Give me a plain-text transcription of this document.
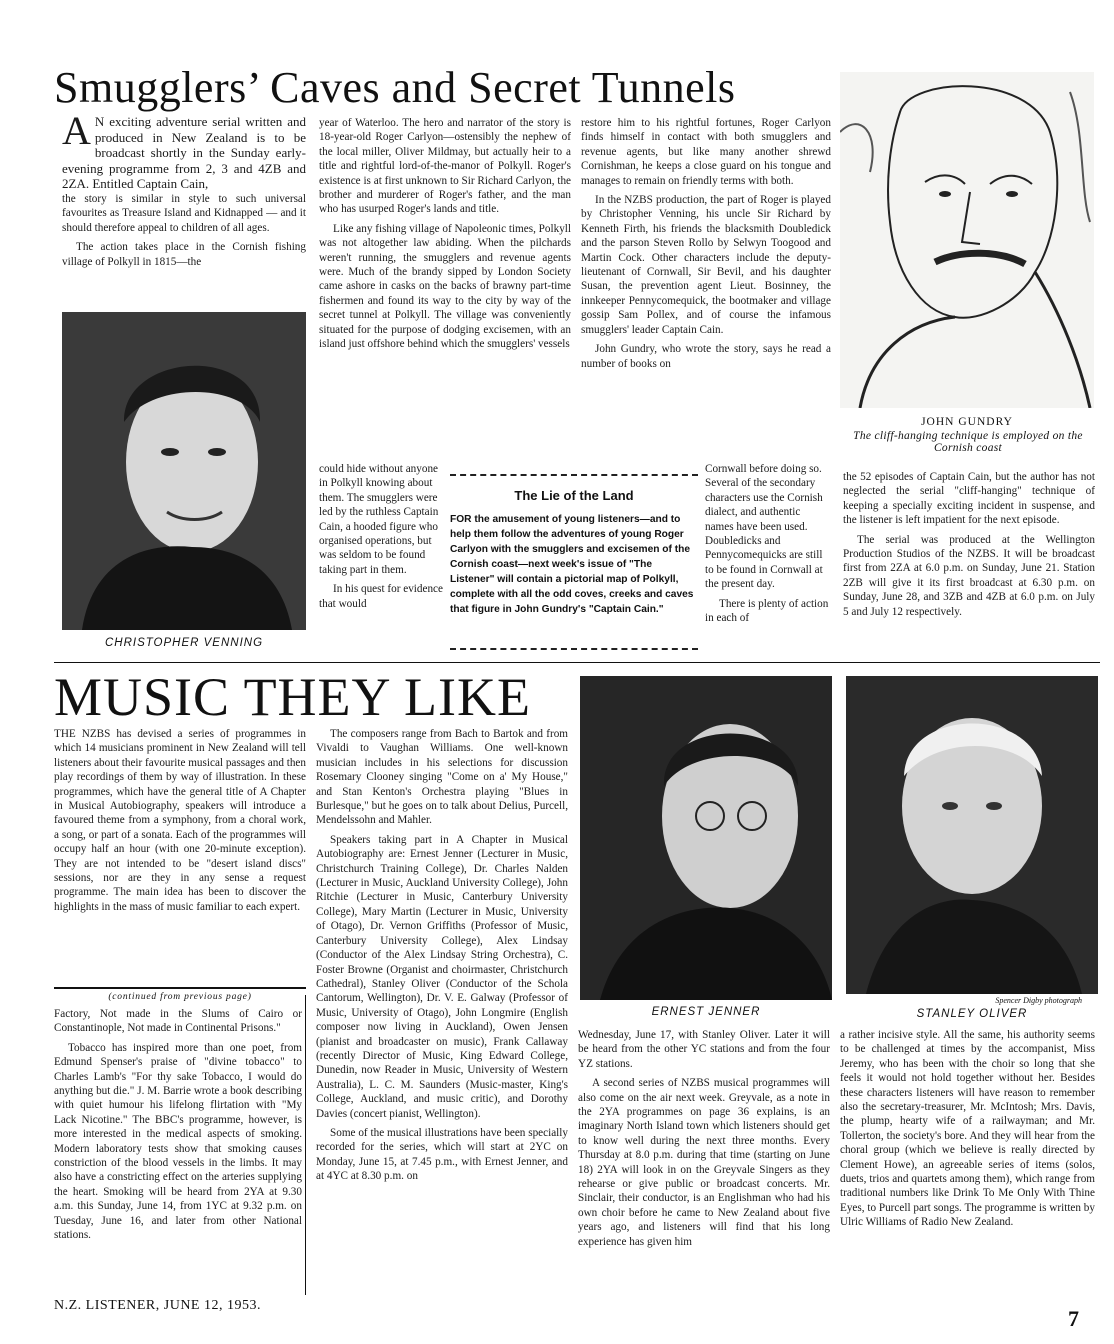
Smugglers’ Caves and Secret Tunnels
JOHN GUNDRY
The cliff-hanging technique is employed on the Cornish coast
A N exciting adventure serial written and produced in New Zealand is to be broadcast shortly in the Sunday early-evening programme from 2, 3 and 4ZB and 2ZA. Entitled Captain Cain,

the story is similar in style to such universal favourites as Treasure Island and Kidnapped — and it should therefore appeal to children of all ages.

The action takes place in the Cornish fishing village of Polkyll in 1815—the

CHRISTOPHER VENNING

year of Waterloo. The hero and narrator of the story is 18-year-old Roger Carlyon—ostensibly the nephew of the local miller, Oliver Mildmay, but actually heir to a title and rightful lord-of-the-manor of Polkyll. Roger's existence is at first unknown to Sir Richard Carlyon, the brother and murderer of Roger's father, and the man who has usurped Roger's lands and title.

Like any fishing village of Napoleonic times, Polkyll was not altogether law abiding. When the pilchards weren't running, the smugglers and revenue agents were. Much of the brandy sipped by London Society came ashore in casks on the backs of brawny part-time fishermen and found its way to the city by way of the secret tunnel at Polkyll. The village was conveniently situated for the purpose of dodging excisemen, with an island just offshore behind which the smugglers' vessels

could hide without anyone in Polkyll knowing about them. The smugglers were led by the ruthless Captain Cain, a hooded figure who organised operations, but was seldom to be found taking part in them.

In his quest for evidence that would

restore him to his rightful fortunes, Roger Carlyon finds himself in contact with both smugglers and revenue agents, but like many another shrewd Cornishman, he keeps a close guard on his tongue and manages to remain on friendly terms with both.

In the NZBS production, the part of Roger is played by Christopher Venning, his uncle Sir Richard by Kenneth Firth, his friends the blacksmith Doubledick and the parson Steven Rollo by Selwyn Toogood and Martin Cock. Other characters include the deputy-lieutenant of Cornwall, Sir Bevil, and his daughter Susan, the prevention agent Lieut. Bosinney, the innkeeper Pennycomequick, the bootmaker and village gossip Sam Pollex, and of course the infamous smugglers' leader Captain Cain.

John Gundry, who wrote the story, says he read a number of books on

Cornwall before doing so. Several of the secondary characters use the Cornish dialect, and authentic names have been used. Doubledicks and Pennycomequicks are still to be found in Cornwall at the present day.

There is plenty of action in each of

The Lie of the Land
FOR the amusement of young listeners—and to help them follow the adventures of young Roger Carlyon with the smugglers and excisemen of the Cornish coast—next week's issue of "The Listener" will contain a pictorial map of Polkyll, complete with all the odd coves, creeks and caves that figure in John Gundry's "Captain Cain."

the 52 episodes of Captain Cain, but the author has not neglected the serial "cliff-hanging" technique of keeping a specially exciting incident in suspense, and the listener is left impatient for the next episode.

The serial was produced at the Wellington Production Studios of the NZBS. It will be broadcast first from 2ZA at 6.0 p.m. on Sunday, June 21. Station 2ZB will give it its first broadcast at 6.30 p.m. on Sunday, June 28, and 3ZB and 4ZB at 6.0 p.m. on July 5 and July 12 respectively.

MUSIC THEY LIKE

THE NZBS has devised a series of programmes in which 14 musicians prominent in New Zealand will tell listeners about their favourite musical passages and then play recordings of them by way of illustration. In these programmes, which have the general title of A Chapter in Musical Autobiography, speakers will introduce a favoured theme from a symphony, from a choral work, a song, or part of a sonata. Each of the programmes will occupy half an hour (with one 20-minute exception). They are not intended to be "desert island discs" sessions, nor are they in any sense a request programme. The main idea has been to discover the highlights in the mass of music familiar to each expert.

(continued from previous page)

Factory, Not made in the Slums of Cairo or Constantinople, Not made in Continental Prisons."

Tobacco has inspired more than one poet, from Edmund Spenser's praise of "divine tobacco" to Charles Lamb's "For thy sake Tobacco, I would do anything but die." J. M. Barrie wrote a book describing with quiet humour his lifelong flirtation with "My Lack Nicotine." The BBC's programme, however, is more interested in the medical aspects of smoking. Modern laboratory tests show that smoking causes constriction of the blood vessels in the limbs. It may also have a constricting effect on the arteries supplying the heart. Smoking will be heard from 2YA at 9.30 a.m. this Sunday, June 14, from 1YC at 9.32 p.m. on Tuesday, June 16, and later from other National stations.

The composers range from Bach to Bartok and from Vivaldi to Vaughan Williams. One well-known musician includes in his selections for discussion Rosemary Clooney singing "Come on a' My House," and Stan Kenton's Orchestra playing "Blues in Burlesque," but he goes on to talk about Delius, Purcell, Mendelssohn and Mahler.

Speakers taking part in A Chapter in Musical Autobiography are: Ernest Jenner (Lecturer in Music, Christchurch Training College), Dr. Charles Nalden (Lecturer in Music, Auckland University College), John Ritchie (Lecturer in Music, Canterbury University College), Mary Martin (Lecturer in Music, University of Otago), Dr. Vernon Griffiths (Professor of Music, Canterbury University College), Alex Lindsay (Conductor of the Alex Lindsay String Orchestra), C. Foster Browne (Organist and choirmaster, Christchurch Cathedral), Stanley Oliver (Conductor of the Schola Cantorum, Wellington), Dr. V. E. Galway (Professor of Music, University of Otago), John Longmire (English composer now living in Auckland), Owen Jensen (pianist and broadcaster on music), Frank Callaway (recently Director of Music, King Edward College, Dunedin, now Reader in Music, University of Western Australia), L. C. M. Saunders (Music-master, King's College, Auckland, and music critic), and Dorothy Davies (concert pianist, Wellington).

Some of the musical illustrations have been specially recorded for the series, which will start at 2YC on Monday, June 15, at 7.45 p.m., with Ernest Jenner, and at 4YC at 8.30 p.m. on

ERNEST JENNER
Spencer Digby photograph
STANLEY OLIVER

Wednesday, June 17, with Stanley Oliver. Later it will be heard from the other YC stations and from the four YZ stations.

A second series of NZBS musical programmes will also come on the air next week. Greyvale, as a note in the 2YA programmes on page 36 explains, is an imaginary North Island town which listeners should get to know well during the next three months. Every Thursday at 8.0 p.m. during that time (starting on June 18) 2YA will look in on the Greyvale Singers as they rehearse or give public or broadcast concerts. Mr. Sinclair, their conductor, is an Englishman who had his own choir before he came to New Zealand about five years ago, and listeners will find that his long experience has given him

a rather incisive style. All the same, his authority seems to be challenged at times by the accompanist, Miss Jeremy, who has been with the choir so long that she feels it would not hold together without her. Besides these characters listeners will have reason to remember also the secretary-treasurer, Mr. McIntosh; Mrs. Davis, the plump, hearty wife of a railwayman; and Mr. Tollerton, the society's bore. And they will hear from the choral group (which we believe is really directed by Clement Howe), an agreeable series of items (solos, duets, trios and quartets among them), which range from traditional numbers like Drink To Me Only With Thine Eyes, to Purcell part songs. The programme is written by Ulric Williams of Radio New Zealand.

N.Z. LISTENER, JUNE 12, 1953.
7
